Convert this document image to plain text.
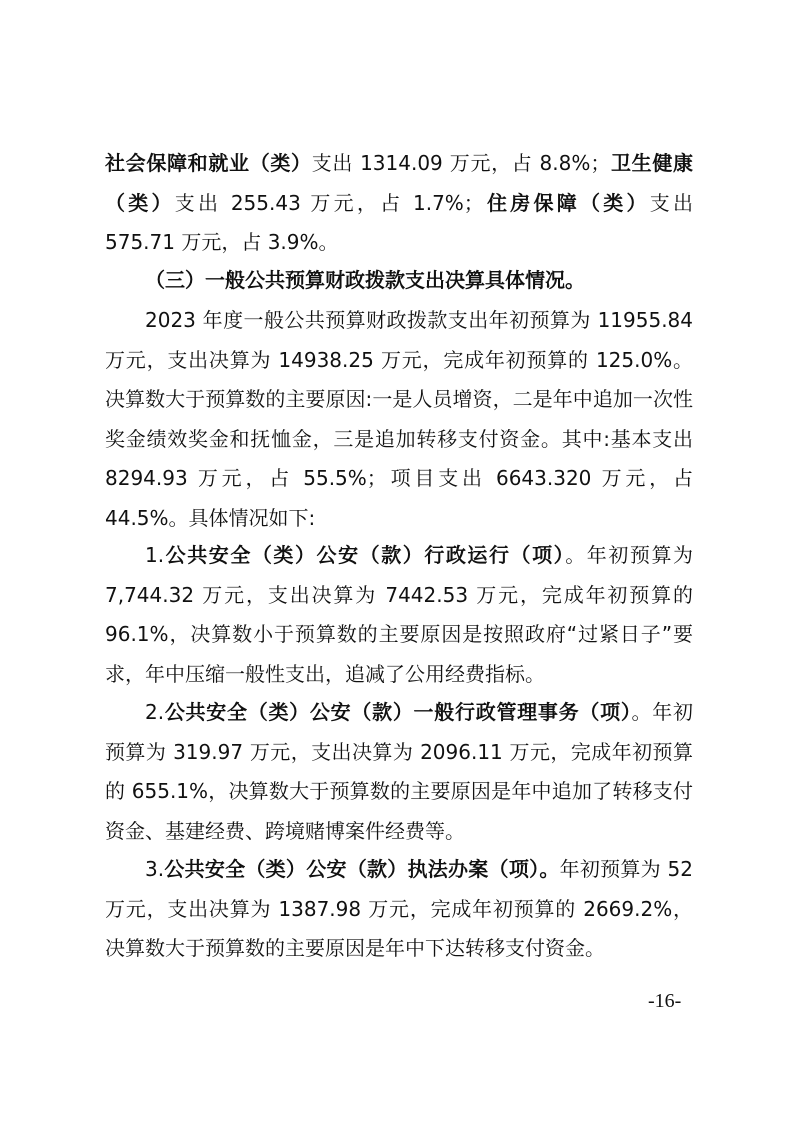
社会保障和就业（类）支出 1314.09 万元，占 8.8%；卫生健康（类）支出 255.43 万元，占 1.7%；住房保障（类）支出 575.71 万元，占 3.9%。

（三）一般公共预算财政拨款支出决算具体情况。

2023 年度一般公共预算财政拨款支出年初预算为 11955.84 万元，支出决算为 14938.25 万元，完成年初预算的 125.0%。决算数大于预算数的主要原因:一是人员增资，二是年中追加一次性奖金绩效奖金和抚恤金，三是追加转移支付资金。其中:基本支出 8294.93 万元，占 55.5%；项目支出 6643.320 万元，占 44.5%。具体情况如下:

1.公共安全（类）公安（款）行政运行（项）。年初预算为 7,744.32 万元，支出决算为 7442.53 万元，完成年初预算的 96.1%，决算数小于预算数的主要原因是按照政府“过紧日子”要求，年中压缩一般性支出，追减了公用经费指标。

2.公共安全（类）公安（款）一般行政管理事务（项）。年初预算为 319.97 万元，支出决算为 2096.11 万元，完成年初预算的 655.1%，决算数大于预算数的主要原因是年中追加了转移支付资金、基建经费、跨境赌博案件经费等。

3.公共安全（类）公安（款）执法办案（项）。年初预算为 52 万元，支出决算为 1387.98 万元，完成年初预算的 2669.2%，决算数大于预算数的主要原因是年中下达转移支付资金。

-16-
